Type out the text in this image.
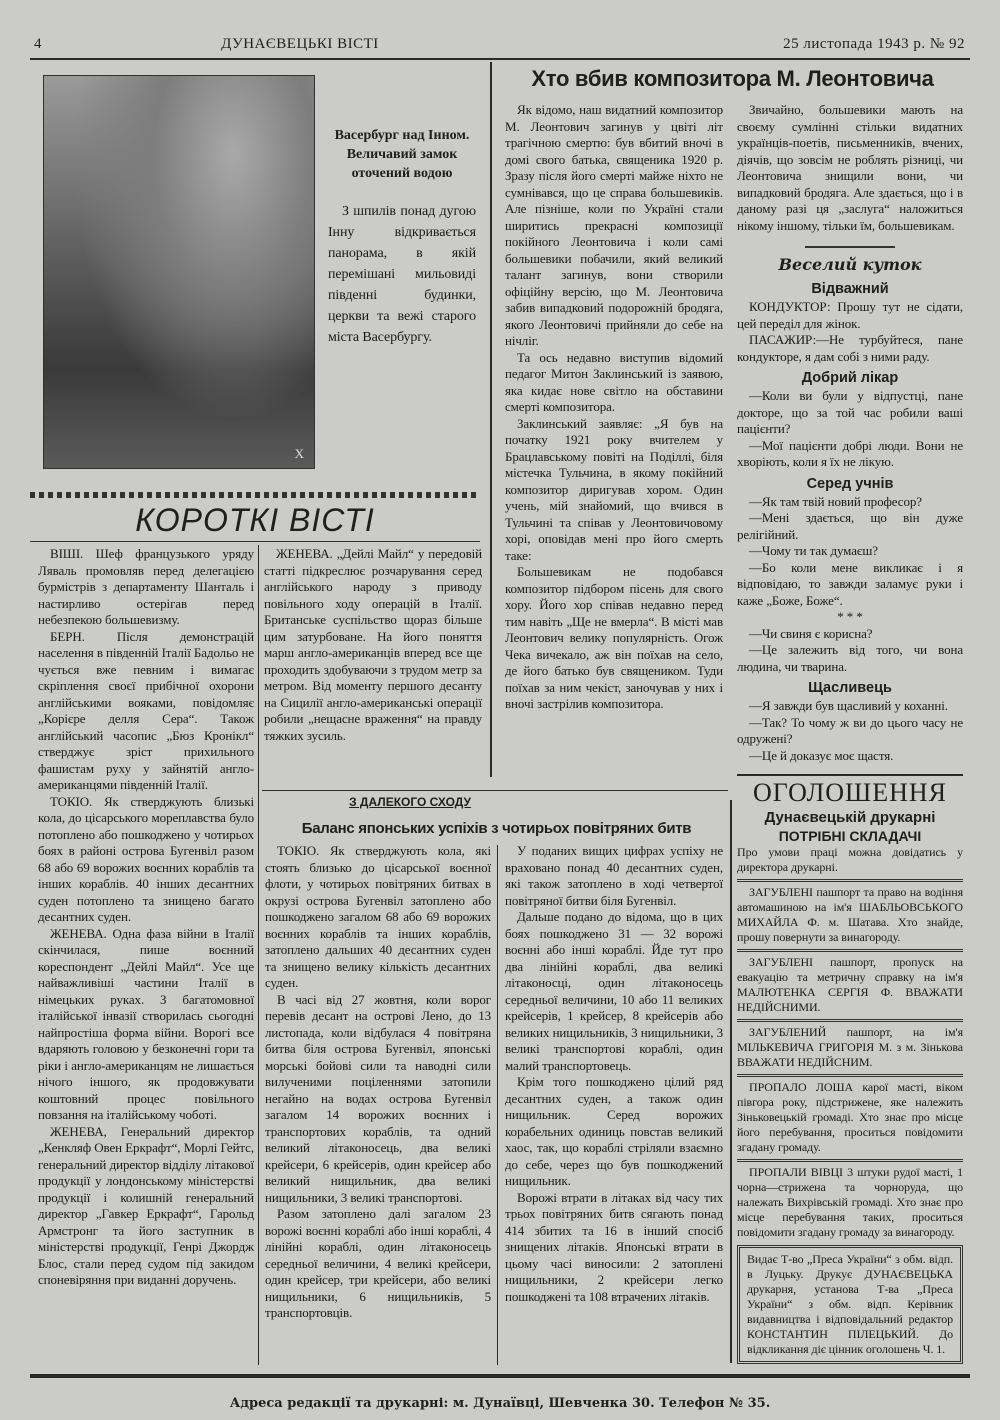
4	ДУНАЄВЕЦЬКІ ВІСТІ	25 листопада 1943 р. № 92
X
Васербург над Інном. Величавий замок оточений водою
З шпилів понад дугою Інну відкривається панорама, в якій перемішані мильовиді південні будинки, церкви та вежі старого міста Васербургу.
Хто вбив композитора М. Леонтовича

Як відомо, наш видатний композитор М. Леонтович загинув у цвіті літ трагічною смертю: був вбитий вночі в домі свого батька, священика 1920 р. Зразу після його смерті майже ніхто не сумнівався, що це справа большевиків. Але пізніше, коли по Україні стали ширитись прекрасні композиції покійного Леонтовича і коли самі большевики побачили, який великий талант загинув, вони створили офіційну версію, що М. Леонтовича забив випадковий подорожній бродяга, якого Леонтовичі прийняли до себе на нічліг.

Та ось недавно виступив відомий педагог Митон Заклинський із заявою, яка кидає нове світло на обставини смерті композитора.

Заклинський заявляє: „Я був на початку 1921 року вчителем у Брацлавському повіті на Поділлі, біля містечка Тульчина, в якому покійний композитор диригував хором. Один учень, мій знайомий, що вчився в Тульчині та співав у Леонтовичовому хорі, оповідав мені про його смерть таке:

Большевикам не подобався композитор підбором пісень для свого хору. Його хор співав недавно перед тим навіть „Ще не вмерла“. В місті мав Леонтович велику популярність. Огож Чека вичекало, аж він поїхав на село, де його батько був священиком. Туди поїхав за ним чекіст, заночував у них і вночі застрілив композитора.

Звичайно, большевики мають на своєму сумлінні стільки видатних українців-поетів, письменників, вчених, діячів, що зовсім не роблять різниці, чи Леонтовича знищили вони, чи випадковий бродяга. Але здається, що і в даному разі ця „заслуга“ наложиться нікому іншому, тільки їм, большевикам.

Веселий куток
Відважний

КОНДУКТОР: Прошу тут не сідати, цей переділ для жінок.

ПАСАЖИР:—Не турбуйтеся, пане кондукторе, я дам собі з ними раду.

Добрий лікар

—Коли ви були у відпустці, пане докторе, що за той час робили ваші пацієнти?

—Мої пацієнти добрі люди. Вони не хворіють, коли я їх не лікую.

Серед учнів

—Як там твій новий професор?

—Мені здається, що він дуже релігійний.

—Чому ти так думаєш?

—Бо коли мене викликає і я відповідаю, то завжди заламує руки і каже „Боже, Боже“.

* * *

—Чи свиня є корисна?

—Це залежить від того, чи вона людина, чи тварина.

Щасливець

—Я завжди був щасливий у коханні.

—Так? То чому ж ви до цього часу не одружені?

—Це й доказує моє щастя.

ОГОЛОШЕННЯ
Дунаєвецькій друкарні
ПОТРІБНІ СКЛАДАЧІ
Про умови праці можна довідатись у директора друкарні.
ЗАГУБЛЕНІ пашпорт та право на водіння автомашиною на ім'я ШАБЛЬОВСЬКОГО МИХАЙЛА Ф. м. Шатава. Хто знайде, прошу повернути за винагороду.
ЗАГУБЛЕНІ пашпорт, пропуск на евакуацію та метричну справку на ім'я МАЛЮТЕНКА СЕРГІЯ Ф. ВВАЖАТИ НЕДІЙСНИМИ.
ЗАГУБЛЕНИЙ пашпорт, на ім'я МІЛЬКЕВИЧА ГРИГОРІЯ М. з м. Зінькова ВВАЖАТИ НЕДІЙСНИМ.
ПРОПАЛО ЛОША карої масті, віком півгора року, підстрижене, яке належить Зіньковецькій громаді. Хто знає про місце його перебування, проситься повідомити згадану громаду.
ПРОПАЛИ ВІВЦІ 3 штуки рудої масті, 1 чорна—стрижена та чорноруда, що належать Вихрівській громаді. Хто знає про місце перебування таких, проситься повідомити згадану громаду за винагороду.
Видає Т-во „Преса України“ з обм. відп. в Луцьку. Друкує ДУНАЄВЕЦЬКА друкарня, установа Т-ва „Преса України“ з обм. відп. Керівник видавництва і відповідальний редактор КОНСТАНТИН ПІЛЕЦЬКИЙ. До відкликання діє цінник оголошень Ч. 1.
КОРОТКІ ВІСТІ

ВІШІ. Шеф французького уряду Ляваль промовляв перед делегацією бурмістрів з департаменту Шанталь і настирливо остерігав перед небезпекою большевизму.

БЕРН. Після демонстрацій населення в південній Італії Бадольо не чується вже певним і вимагає скріплення своєї прибічної охорони англійськими вояками, повідомляє „Корієре делля Сера“. Також англійський часопис „Бюз Кронікл“ стверджує зріст прихильного фашистам руху у зайнятій англо-американцями південній Італії.

ТОКІО. Як стверджують близькі кола, до цісарського мореплавства було потоплено або пошкоджено у чотирьох боях в районі острова Бугенвіл разом 68 або 69 ворожих воєнних кораблів та інших кораблів. 40 інших десантних суден потоплено та знищено багато десантних суден.

ЖЕНЕВА. Одна фаза війни в Італії скінчилася, пише воєнний кореспондент „Дейлі Майл“. Усе ще найважливіші частини Італії в німецьких руках. З багатомовної італійської інвазії створилась сьогодні найпростіша форма війни. Ворогі все вдаряють головою у безконечні гори та ріки і англо-американцям не лишається нічого іншого, як продовжувати коштовний процес повільного повзання на італійському чоботі.

ЖЕНЕВА, Генеральний директор „Кенкляф Овен Еркрафт“, Морлі Гейтс, генеральний директор відділу літакової продукції у лондонському міністерстві продукції і колишній генеральний директор „Гавкер Еркрафт“, Гарольд Армстронг та його заступник в міністерстві продукції, Генрі Джордж Блос, стали перед судом під закидом споневіряння при виданні доручень.

ЖЕНЕВА. „Дейлі Майл“ у передовій статті підкреслює розчарування серед англійського народу з приводу повільного ходу операцій в Італії. Британське суспільство щораз більше цим затурбоване. На його поняття марш англо-американців вперед все ще проходить здобуваючи з трудом метр за метром. Від моменту першого десанту на Сицилії англо-американські операції робили „нещасне враження“ на правду тяжких зусиль.

З ДАЛЕКОГО СХОДУ
Баланс японських успіхів з чотирьох повітряних битв

ТОКІО. Як стверджують кола, які стоять близько до цісарської воєнної флоти, у чотирьох повітряних битвах в окрузі острова Бугенвіл затоплено або пошкоджено загалом 68 або 69 ворожих воєнних кораблів та інших кораблів, затоплено дальших 40 десантних суден та знищено велику кількість десантних суден.

В часі від 27 жовтня, коли ворог перевів десант на острові Лено, до 13 листопада, коли відбулася 4 повітряна битва біля острова Бугенвіл, японські морські бойові сили та наводні сили вилученими поціленнями затопили негайно на водах острова Бугенвіл загалом 14 ворожих воєнних і транспортових кораблів, та одний великий літаконосець, два великі крейсери, 6 крейсерів, один крейсер або великий нищильник, два великі нищильники, 3 великі транспортові.

Разом затоплено далі загалом 23 ворожі воєнні кораблі або інші кораблі, 4 лінійні кораблі, один літаконосець середньої величини, 4 великі крейсери, один крейсер, три крейсери, або великі нищильники, 6 нищильників, 5 транспортовців.

У поданих вищих цифрах успіху не враховано понад 40 десантних суден, які також затоплено в ході четвертої повітряної битви біля Бугенвіл.

Дальше подано до відома, що в цих боях пошкоджено 31 — 32 ворожі воєнні або інші кораблі. Йде тут про два лінійні кораблі, два великі літаконосці, один літаконосець середньої величини, 10 або 11 великих крейсерів, 1 крейсер, 8 крейсерів або великих нищильників, 3 нищильники, 3 великі транспортові кораблі, один малий транспортовець.

Крім того пошкоджено цілий ряд десантних суден, а також один нищильник. Серед ворожих корабельних одиниць повстав великий хаос, так, що кораблі стріляли взаємно до себе, через що був пошкоджений нищильник.

Ворожі втрати в літаках від часу тих трьох повітряних битв сягають понад 414 збитих та 16 в інший спосіб знищених літаків. Японські втрати в цьому часі виносили: 2 затоплені нищильники, 2 крейсери легко пошкоджені та 108 втрачених літаків.

Адреса редакції та друкарні: м. Дунаївці, Шевченка 30. Телефон № 35.
